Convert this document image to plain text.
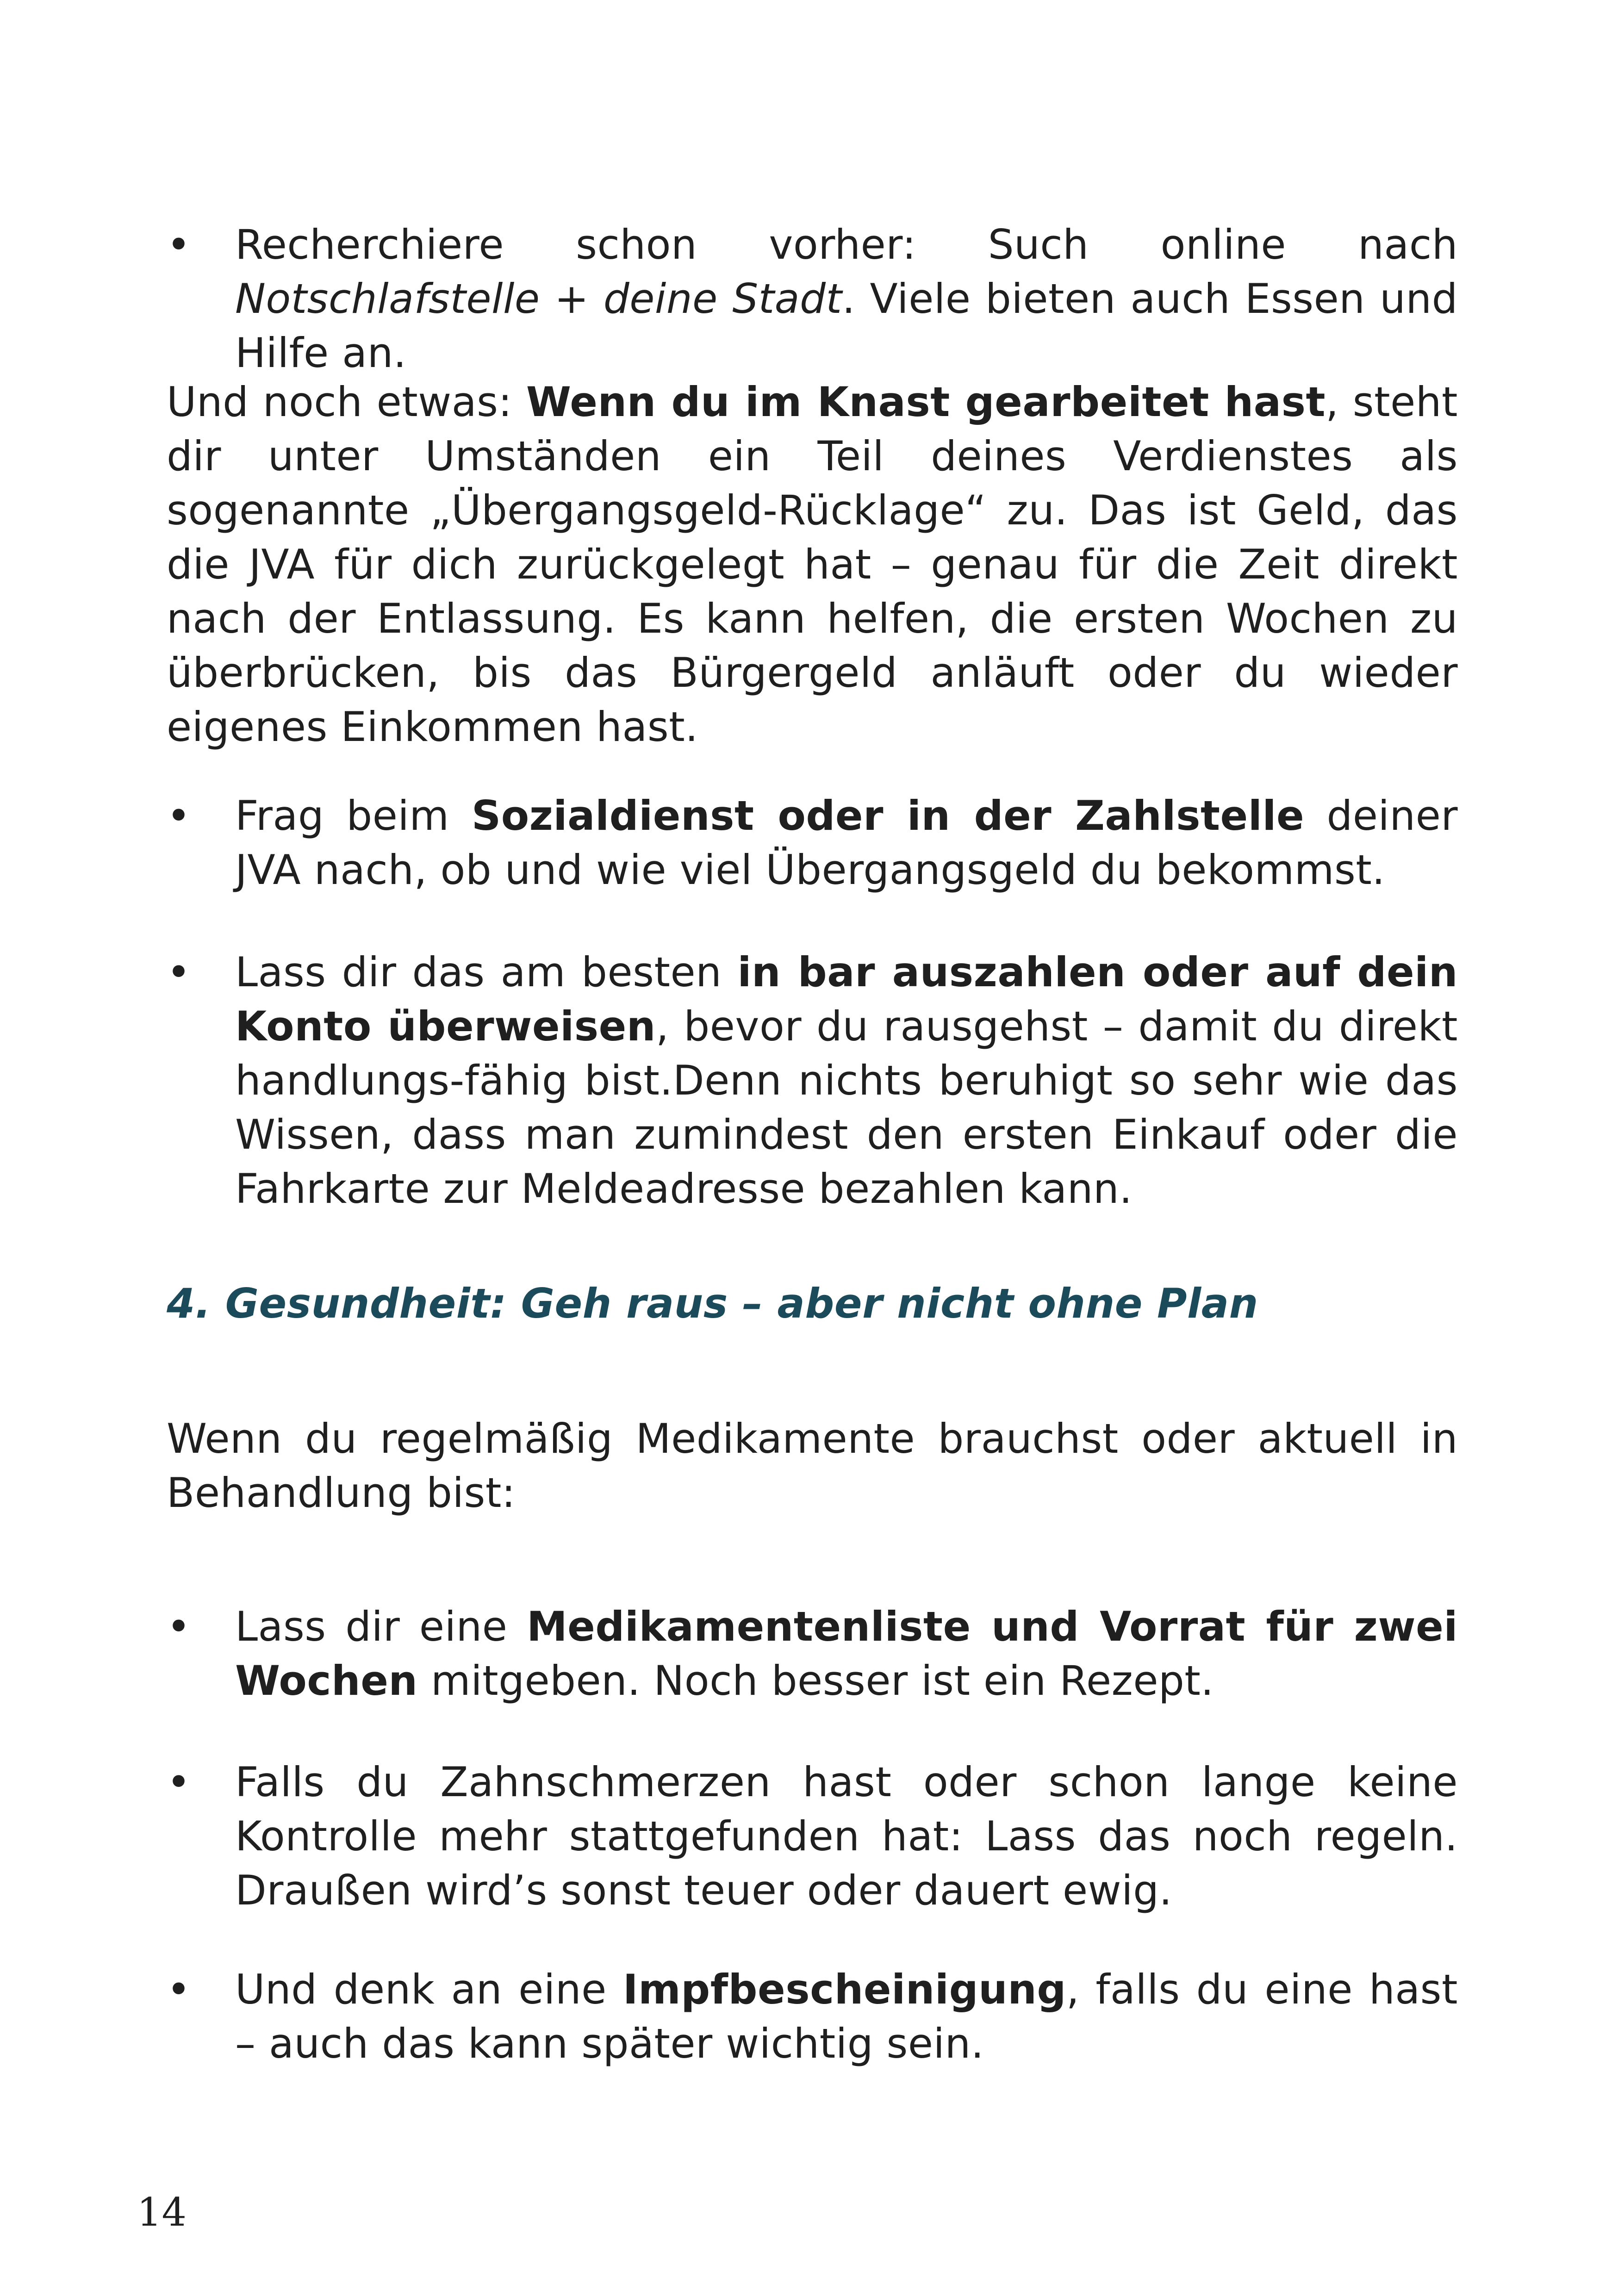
• Recherchiere schon vorher: Such online nach Notschlafstelle + deine Stadt. Viele bieten auch Essen und Hilfe an.
Und noch etwas: Wenn du im Knast gearbeitet hast, steht dir unter Umständen ein Teil deines Verdienstes als sogenannte „Übergangsgeld-Rücklage“ zu. Das ist Geld, das die JVA für dich zurückgelegt hat – genau für die Zeit direkt nach der Entlassung. Es kann helfen, die ersten Wochen zu überbrücken, bis das Bürgergeld anläuft oder du wieder eigenes Einkommen hast.
• Frag beim Sozialdienst oder in der Zahlstelle deiner JVA nach, ob und wie viel Übergangsgeld du bekommst.
• Lass dir das am besten in bar auszahlen oder auf dein Konto überweisen, bevor du rausgehst – damit du direkt handlungs-fähig bist.Denn nichts beruhigt so sehr wie das Wissen, dass man zumindest den ersten Einkauf oder die Fahrkarte zur Meldeadresse bezahlen kann.
4. Gesundheit: Geh raus – aber nicht ohne Plan
Wenn du regelmäßig Medikamente brauchst oder aktuell in Behandlung bist:
• Lass dir eine Medikamentenliste und Vorrat für zwei Wochen mitgeben. Noch besser ist ein Rezept.
• Falls du Zahnschmerzen hast oder schon lange keine Kontrolle mehr stattgefunden hat: Lass das noch regeln. Draußen wird’s sonst teuer oder dauert ewig.
• Und denk an eine Impfbescheinigung, falls du eine hast – auch das kann später wichtig sein.
14
